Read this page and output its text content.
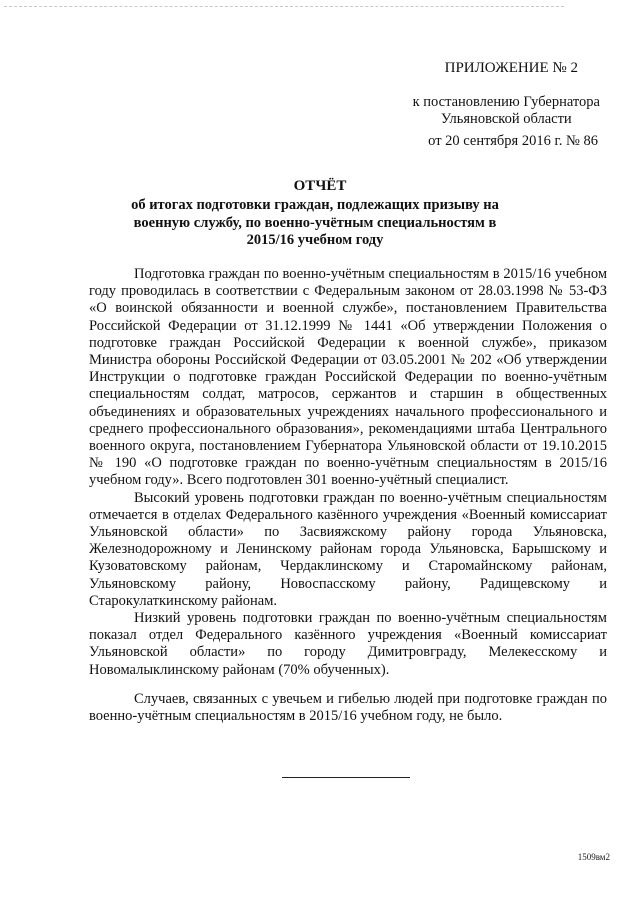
ПРИЛОЖЕНИЕ № 2
к постановлению Губернатора
Ульяновской области
от 20 сентября 2016 г. № 86
ОТЧЁТ
об итогах подготовки граждан, подлежащих призыву на военную службу, по военно-учётным специальностям в 2015/16 учебном году

Подготовка граждан по военно-учётным специальностям в 2015/16 учебном году проводилась в соответствии с Федеральным законом от 28.03.1998 № 53-ФЗ «О воинской обязанности и военной службе», постановлением Правительства Российской Федерации от 31.12.1999 № 1441 «Об утверждении Положения о подготовке граждан Российской Федерации к военной службе», приказом Министра обороны Российской Федерации от 03.05.2001 № 202 «Об утверждении Инструкции о подготовке граждан Российской Федерации по военно-учётным специальностям солдат, матросов, сержантов и старшин в общественных объединениях и образовательных учреждениях начального профессионального и среднего профессионального образования», рекомендациями штаба Центрального военного округа, постановлением Губернатора Ульяновской области от 19.10.2015 № 190 «О подготовке граждан по военно-учётным специальностям в 2015/16 учебном году». Всего подготовлен 301 военно-учётный специалист.

Высокий уровень подготовки граждан по военно-учётным специальностям отмечается в отделах Федерального казённого учреждения «Военный комиссариат Ульяновской области» по Засвияжскому району города Ульяновска, Железнодорожному и Ленинскому районам города Ульяновска, Барышскому и Кузоватовскому районам, Чердаклинскому и Старомайнскому районам, Ульяновскому району, Новоспасскому району, Радищевскому и Старокулаткинскому районам.

Низкий уровень подготовки граждан по военно-учётным специальностям показал отдел Федерального казённого учреждения «Военный комиссариат Ульяновской области» по городу Димитровграду, Мелекесскому и Новомалыклинскому районам (70% обученных).

Случаев, связанных с увечьем и гибелью людей при подготовке граждан по военно-учётным специальностям в 2015/16 учебном году, не было.

1509вм2
